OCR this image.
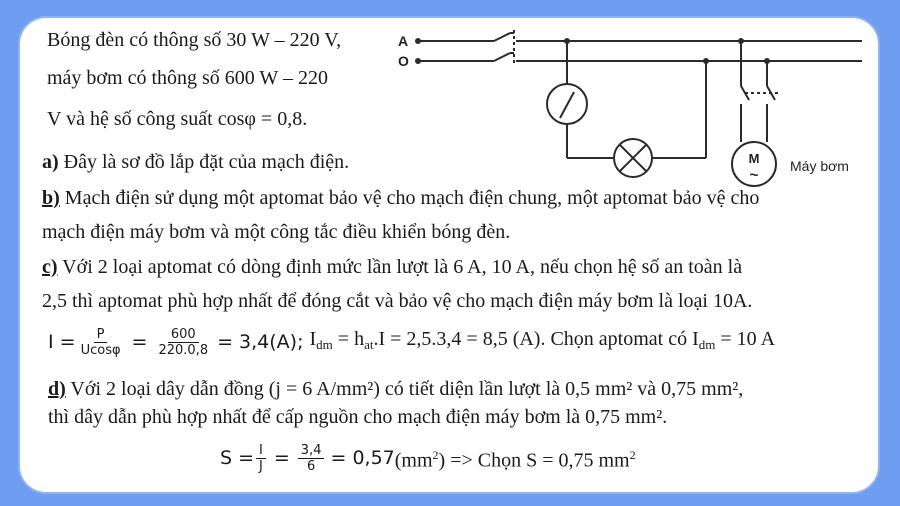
Bóng đèn có thông số 30 W – 220 V,
máy bơm có thông số 600 W – 220
V và hệ số công suất cosφ = 0,8.
A
O
M
~
Máy bơm
a) Đây là sơ đồ lắp đặt của mạch điện.
b) Mạch điện sử dụng một aptomat bảo vệ cho mạch điện chung, một aptomat bảo vệ cho
mạch điện máy bơm và một công tắc điều khiển bóng đèn.
c) Với 2 loại aptomat có dòng định mức lần lượt là 6 A, 10 A, nếu chọn hệ số an toàn là
2,5 thì aptomat phù hợp nhất để đóng cắt và bảo vệ cho mạch điện máy bơm là loại 10A.
$I = \frac{P}{Ucos\varphi} = \frac{600}{220.0,8} = 3,4(A)$; $I_{dm} = h_{at}.I = 2,5.3,4 = 8,5$ (A). Chọn aptomat có $I_{dm} = 10$ A
d) Với 2 loại dây dẫn đồng (j = 6 A/mm²) có tiết diện lần lượt là 0,5 mm² và 0,75 mm²,
thì dây dẫn phù hợp nhất để cấp nguồn cho mạch điện máy bơm là 0,75 mm².
$S = \frac{I}{J} = \frac{3,4}{6} = 0,57$ $(mm^2)$ => Chọn S = 0,75 $mm^2$
